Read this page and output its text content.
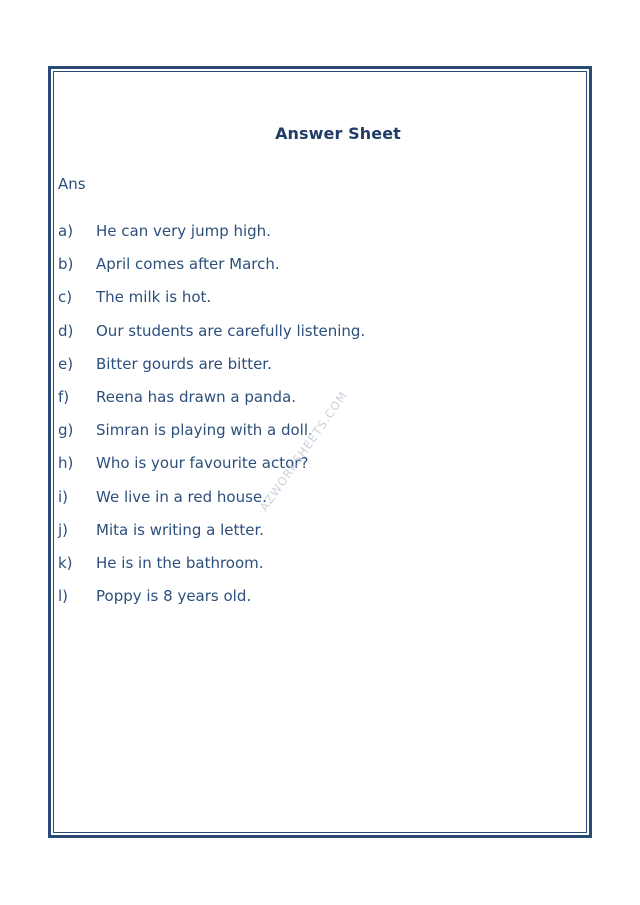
Answer Sheet
Ans
a)	He can very jump high.
b)	April comes after March.
c)	The milk is hot.
d)	Our students are carefully listening.
e)	Bitter gourds are bitter.
f)	Reena has drawn a panda.
g)	Simran is playing with a doll.
h)	Who is your favourite actor?
i)	We live in a red house.
j)	Mita is writing a letter.
k)	He is in the bathroom.
l)	Poppy is 8 years old.
AZWORKSHEETS.COM
